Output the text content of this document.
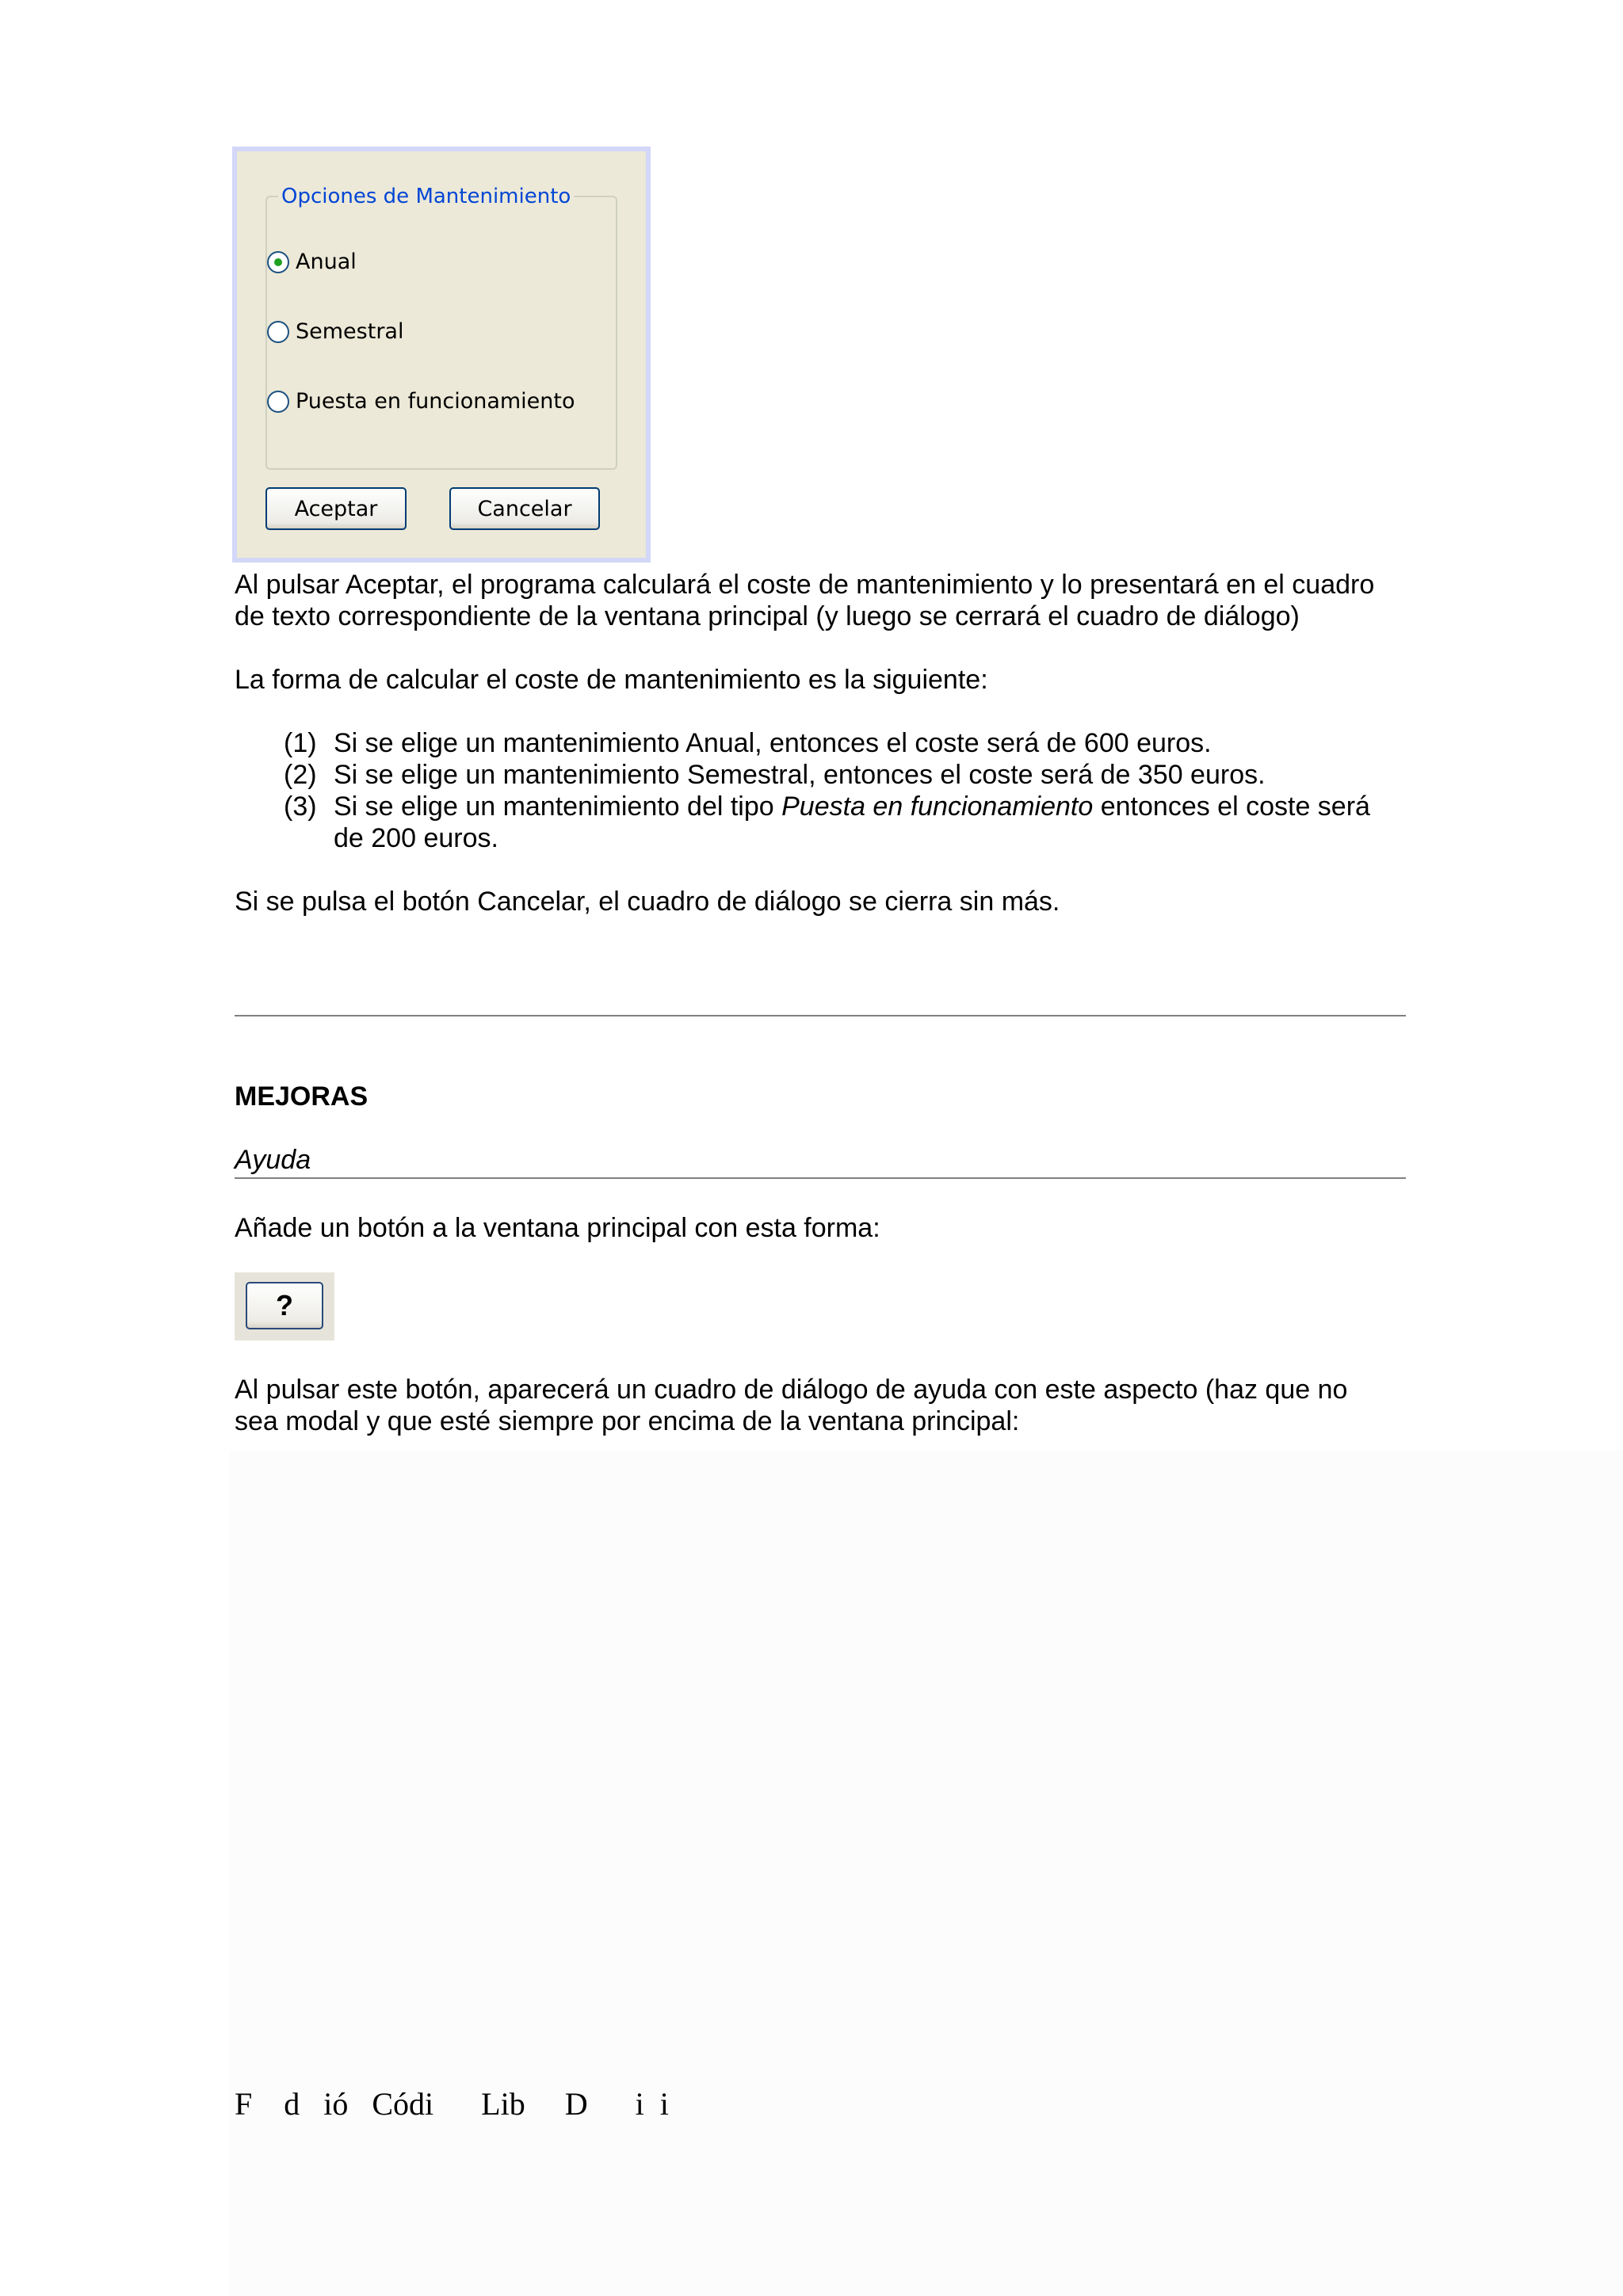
Opciones de Mantenimiento
Anual
Semestral
Puesta en funcionamiento
Aceptar	Cancelar
Al pulsar Aceptar, el programa calculará el coste de mantenimiento y lo presentará en el cuadro
de texto correspondiente de la ventana principal (y luego se cerrará el cuadro de diálogo)
La forma de calcular el coste de mantenimiento es la siguiente:
(1) Si se elige un mantenimiento Anual, entonces el coste será de 600 euros.
(2) Si se elige un mantenimiento Semestral, entonces el coste será de 350 euros.
(3) Si se elige un mantenimiento del tipo Puesta en funcionamiento entonces el coste será
de 200 euros.
Si se pulsa el botón Cancelar, el cuadro de diálogo se cierra sin más.
MEJORAS
Ayuda
Añade un botón a la ventana principal con esta forma:
?
Al pulsar este botón, aparecerá un cuadro de diálogo de ayuda con este aspecto (haz que no
sea modal y que esté siempre por encima de la ventana principal:
F    d   ió   Códi      Lib     D      i  i
